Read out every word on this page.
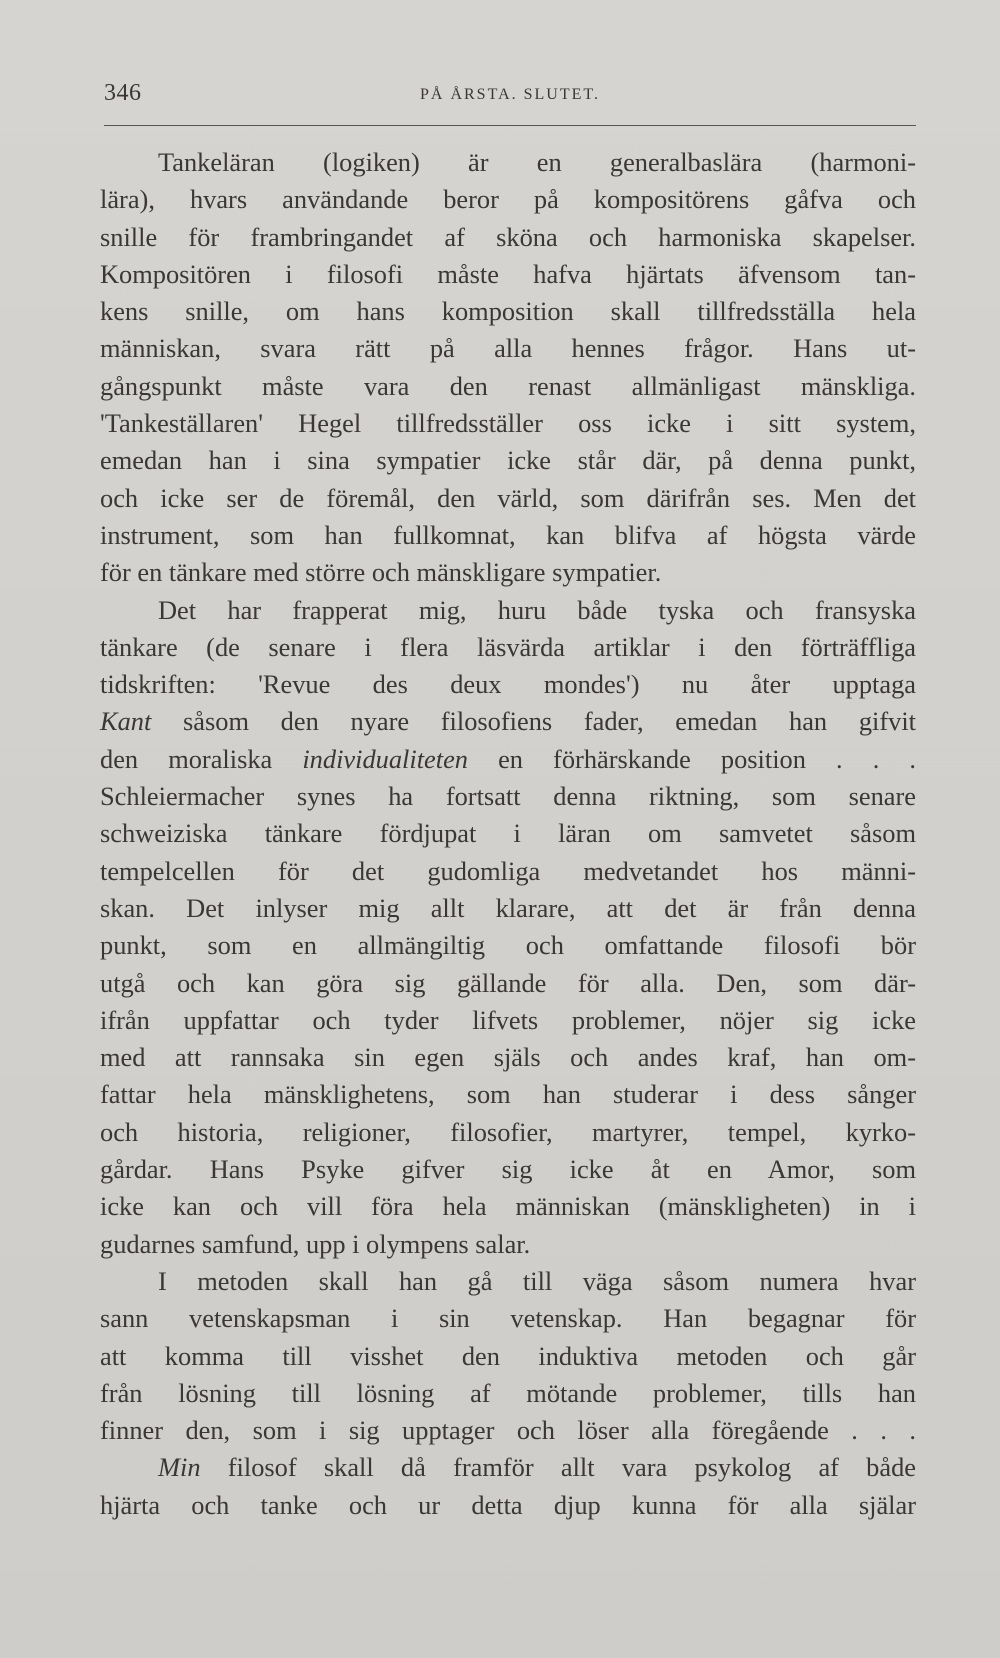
346	PÅ ÅRSTA. SLUTET.
Tankeläran (logiken) är en generalbaslära (harmoni-
lära), hvars användande beror på kompositörens gåfva och
snille för frambringandet af sköna och harmoniska skapelser.
Kompositören i filosofi måste hafva hjärtats äfvensom tan-
kens snille, om hans komposition skall tillfredsställa hela
människan, svara rätt på alla hennes frågor. Hans ut-
gångspunkt måste vara den renast allmänligast mänskliga.
'Tankeställaren' Hegel tillfredsställer oss icke i sitt system,
emedan han i sina sympatier icke står där, på denna punkt,
och icke ser de föremål, den värld, som därifrån ses. Men det
instrument, som han fullkomnat, kan blifva af högsta värde
för en tänkare med större och mänskligare sympatier.
Det har frapperat mig, huru både tyska och fransyska
tänkare (de senare i flera läsvärda artiklar i den förträffliga
tidskriften: 'Revue des deux mondes') nu åter upptaga
Kant såsom den nyare filosofiens fader, emedan han gifvit
den moraliska individualiteten en förhärskande position . . .
Schleiermacher synes ha fortsatt denna riktning, som senare
schweiziska tänkare fördjupat i läran om samvetet såsom
tempelcellen för det gudomliga medvetandet hos männi-
skan. Det inlyser mig allt klarare, att det är från denna
punkt, som en allmängiltig och omfattande filosofi bör
utgå och kan göra sig gällande för alla. Den, som där-
ifrån uppfattar och tyder lifvets problemer, nöjer sig icke
med att rannsaka sin egen själs och andes kraf, han om-
fattar hela mänsklighetens, som han studerar i dess sånger
och historia, religioner, filosofier, martyrer, tempel, kyrko-
gårdar. Hans Psyke gifver sig icke åt en Amor, som
icke kan och vill föra hela människan (mänskligheten) in i
gudarnes samfund, upp i olympens salar.
I metoden skall han gå till väga såsom numera hvar
sann vetenskapsman i sin vetenskap. Han begagnar för
att komma till visshet den induktiva metoden och går
från lösning till lösning af mötande problemer, tills han
finner den, som i sig upptager och löser alla föregående . . .
Min filosof skall då framför allt vara psykolog af både
hjärta och tanke och ur detta djup kunna för alla själar
